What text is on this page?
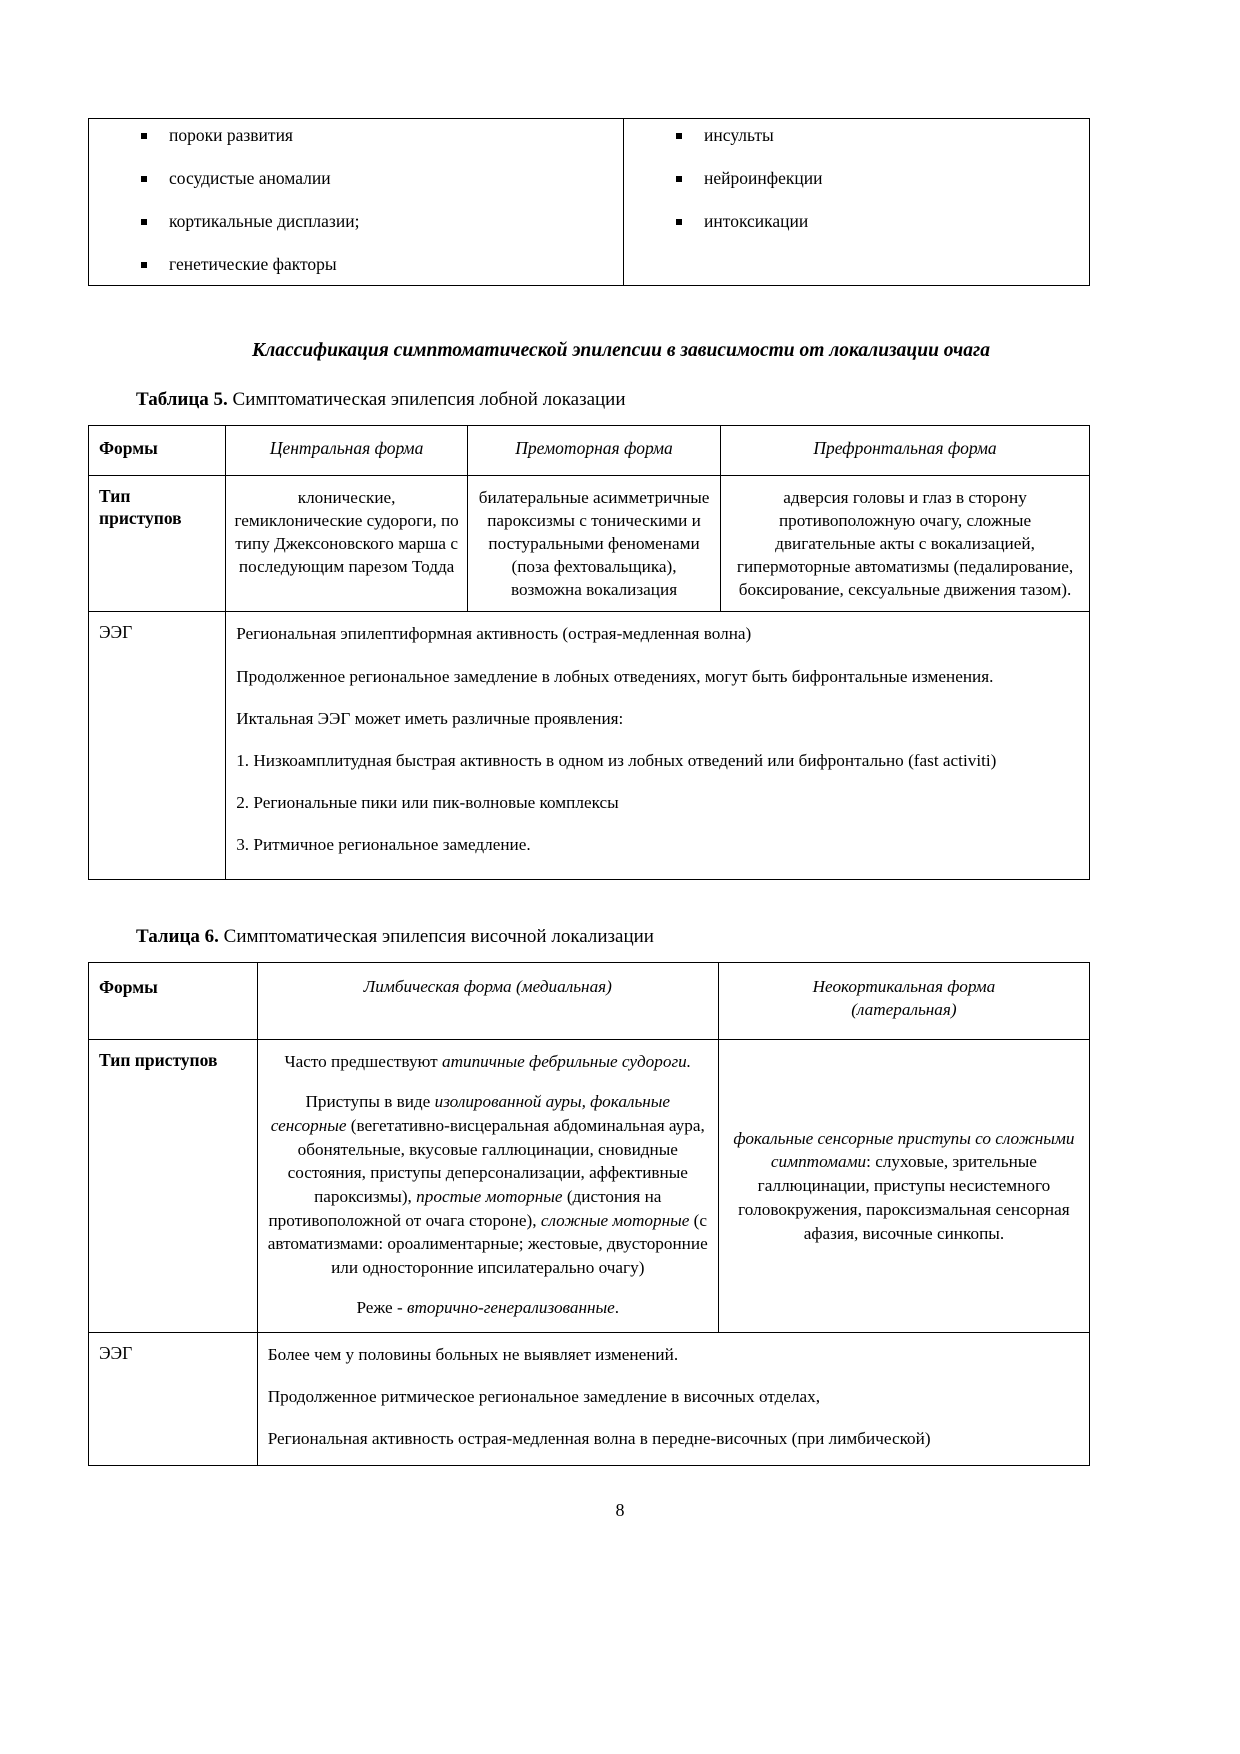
пороки развития
сосудистые аномалии
кортикальные дисплазии;
генетические факторы

инсульты
нейроинфекции
интоксикации
Классификация симптоматической эпилепсии в зависимости от локализации очага
Таблица 5. Симптоматическая эпилепсия лобной локазации
Формы	Центральная форма	Премоторная форма	Префронтальная форма
Тип приступов	клонические, гемиклонические судороги, по типу Джексоновского марша с последующим парезом Тодда	билатеральные асимметричные пароксизмы с тоническими и постуральными феноменами (поза фехтовальщика), возможна вокализация	адверсия головы и глаз в сторону противоположную очагу, сложные двигательные акты с вокализацией, гипермоторные автоматизмы (педалирование, боксирование, сексуальные движения тазом).
ЭЭГ	Региональная эпилептиформная активность (острая-медленная волна)

Продолженное региональное замедление в лобных отведениях, могут быть бифронтальные изменения.

Иктальная ЭЭГ может иметь различные проявления:

1. Низкоамплитудная быстрая активность в одном из лобных отведений или бифронтально (fast activiti)

2. Региональные пики или пик-волновые комплексы

3. Ритмичное региональное замедление.

Талица 6. Симптоматическая эпилепсия височной локализации
Формы	Лимбическая форма (медиальная)	Неокортикальная форма
(латеральная)
Тип приступов	Часто предшествуют атипичные фебрильные судороги.

Приступы в виде изолированной ауры, фокальные сенсорные (вегетативно-висцеральная абдоминальная аура, обонятельные, вкусовые галлюцинации, сновидные состояния, приступы деперсонализации, аффективные пароксизмы), простые моторные (дистония на противоположной от очага стороне), сложные моторные (с автоматизмами: ороалиментарные; жестовые, двусторонние или односторонние ипсилатерально очагу)

Реже - вторично-генерализованные.	фокальные сенсорные приступы со сложными симптомами: слуховые, зрительные галлюцинации, приступы несистемного головокружения, пароксизмальная сенсорная афазия, височные синкопы.
ЭЭГ	Более чем у половины больных не выявляет изменений.

Продолженное ритмическое региональное замедление в височных отделах,

Региональная активность острая-медленная волна в передне-височных (при лимбической)	

8
